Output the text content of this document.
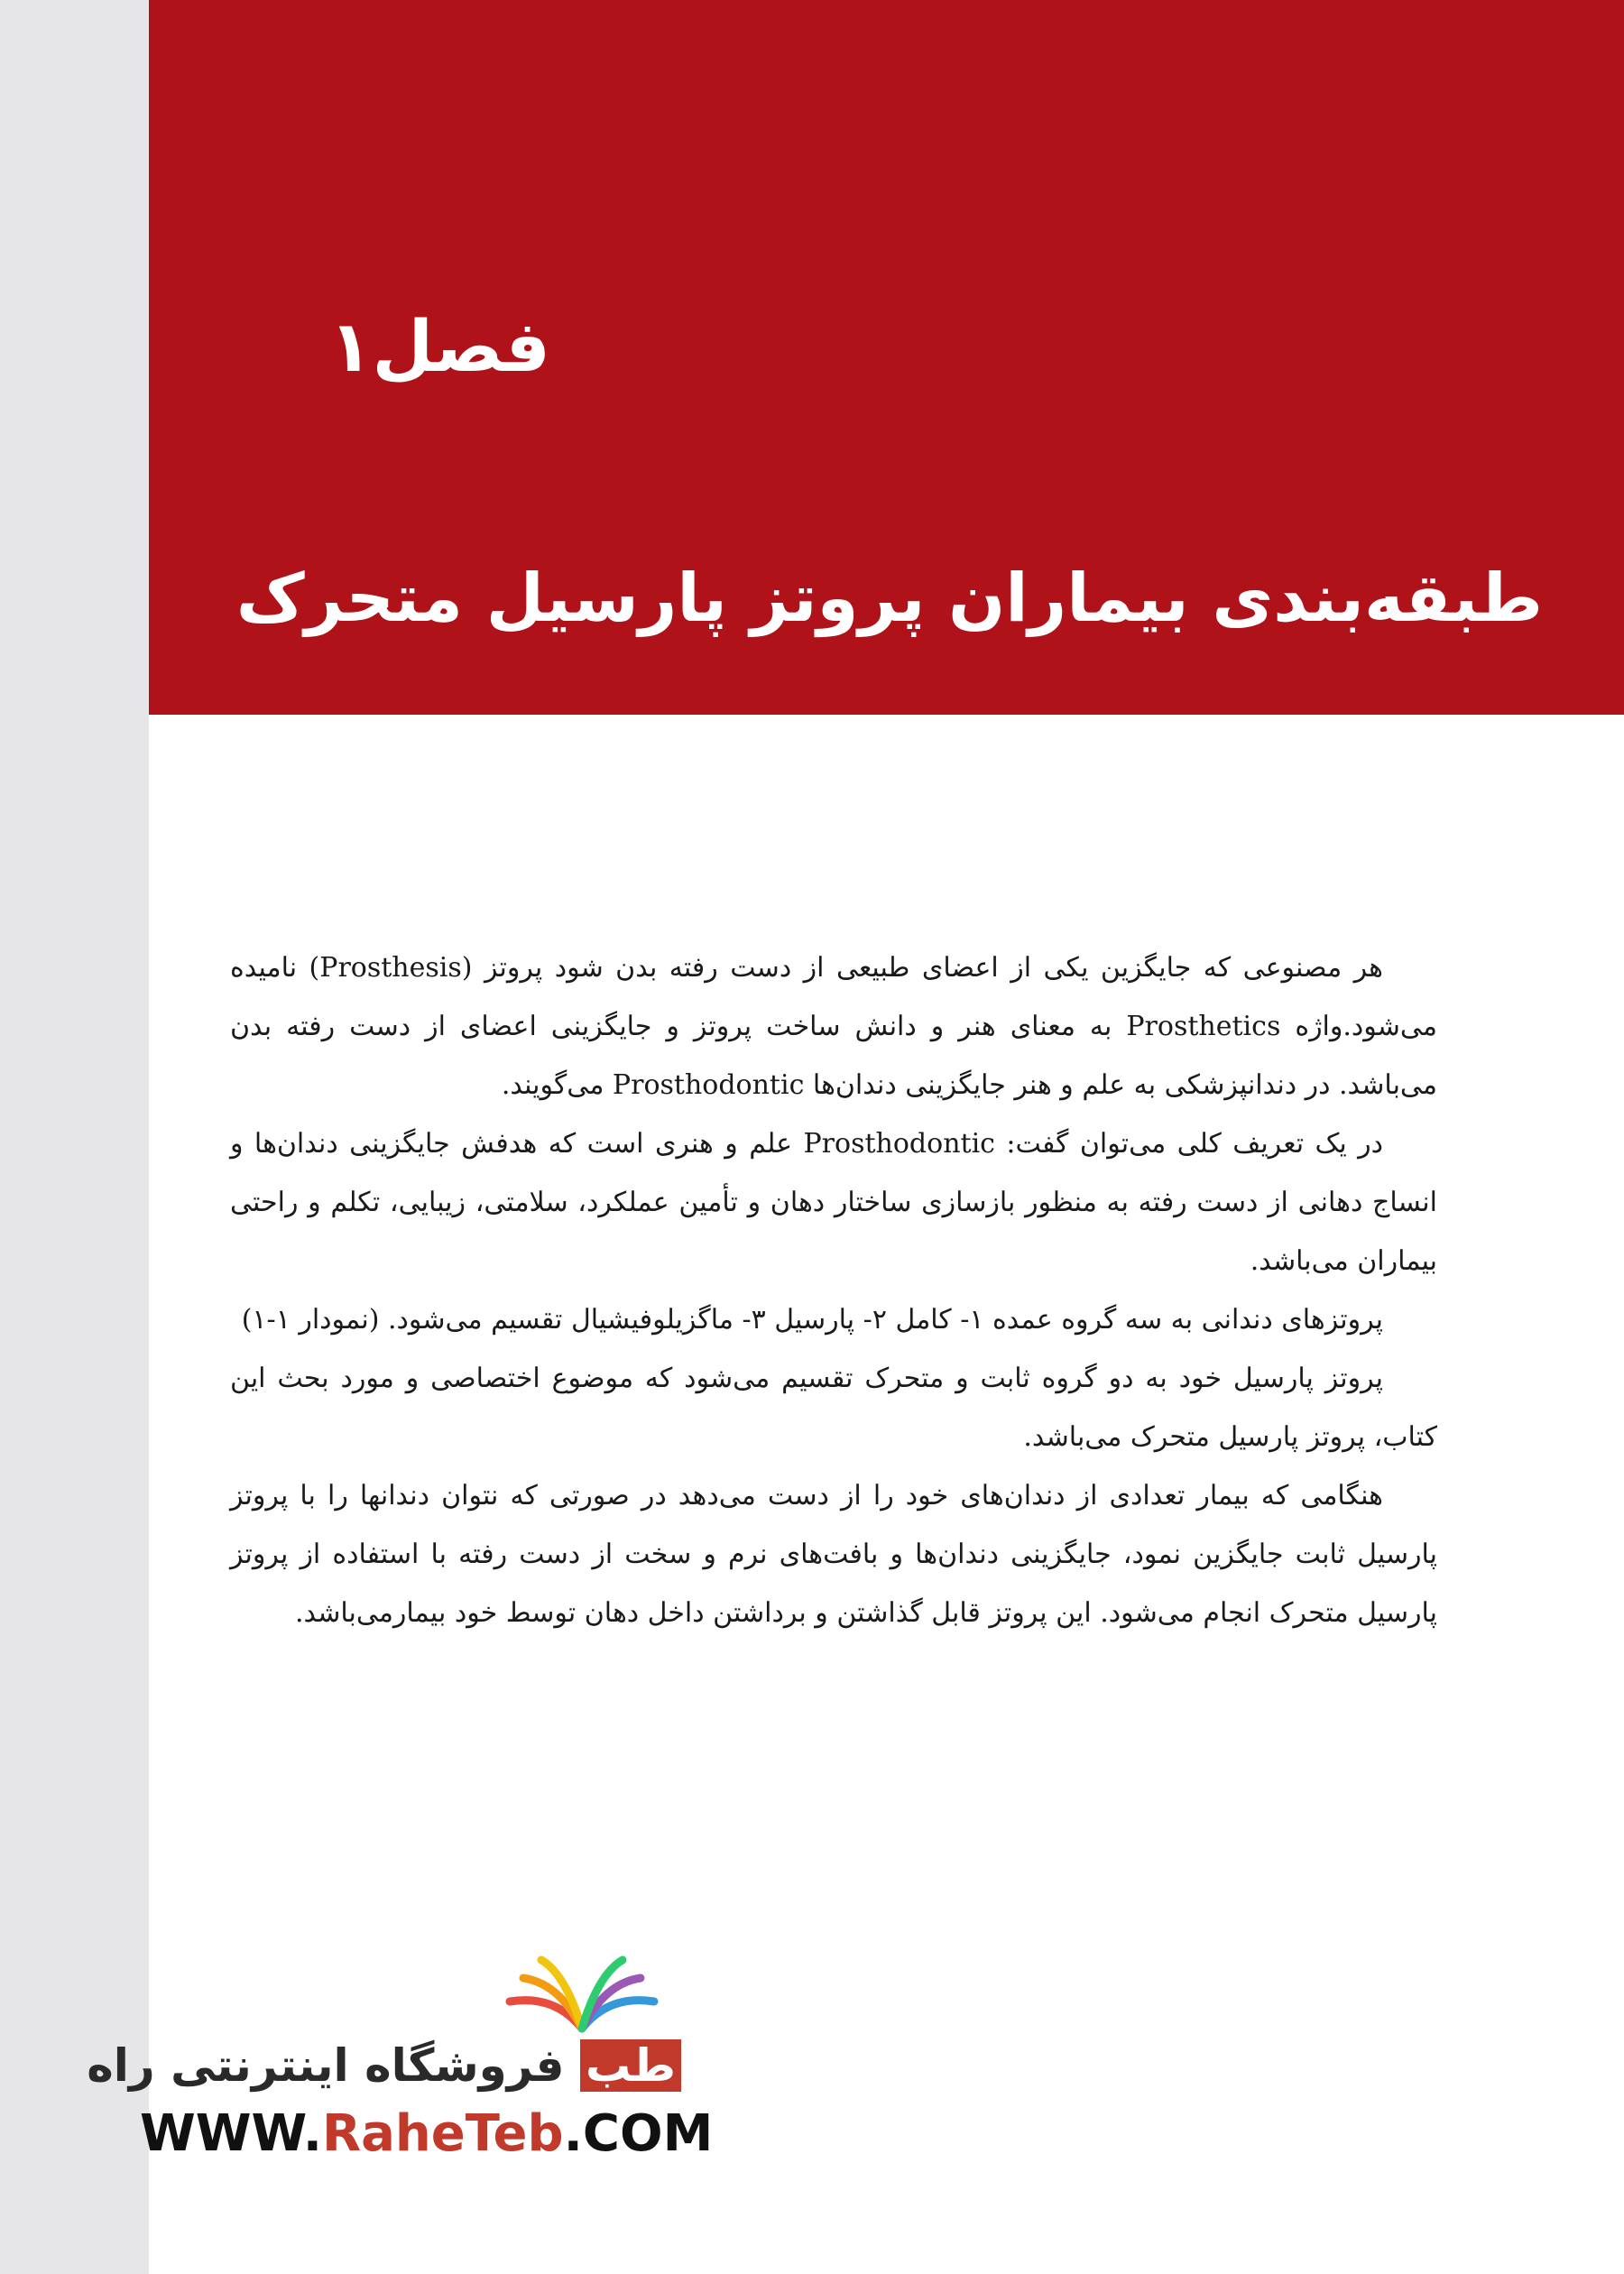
فصل۱
طبقه‌بندی بیماران پروتز پارسیل متحرک

هر مصنوعی که جایگزین یکی از اعضای طبیعی از دست رفته بدن شود پروتز (Prosthesis) نامیده می‌شود.واژه Prosthetics به معنای هنر و دانش ساخت پروتز و جایگزینی اعضای از دست رفته بدن می‌باشد. در دندانپزشکی به علم و هنر جایگزینی دندان‌ها Prosthodontic می‌گویند.

در یک تعریف کلی می‌توان گفت: Prosthodontic علم و هنری است که هدفش جایگزینی دندان‌ها و انساج دهانی از دست رفته به منظور بازسازی ساختار دهان و تأمین عملکرد، سلامتی، زیبایی، تکلم و راحتی بیماران می‌باشد.

پروتزهای دندانی به سه گروه عمده ۱- کامل ۲- پارسیل ۳- ماگزیلوفیشیال تقسیم می‌شود. (نمودار ۱-۱)

پروتز پارسیل خود به دو گروه ثابت و متحرک تقسیم می‌شود که موضوع اختصاصی و مورد بحث این کتاب، پروتز پارسیل متحرک می‌باشد.

هنگامی که بیمار تعدادی از دندان‌های خود را از دست می‌دهد در صورتی که نتوان دندانها را با پروتز پارسیل ثابت جایگزین نمود، جایگزینی دندان‌ها و بافت‌های نرم و سخت از دست رفته با استفاده از پروتز پارسیل متحرک انجام می‌شود. این پروتز قابل گذاشتن و برداشتن داخل دهان توسط خود بیمارمی‌باشد.

طب فروشگاه اینترنتی راه
WWW.RaheTeb.COM
